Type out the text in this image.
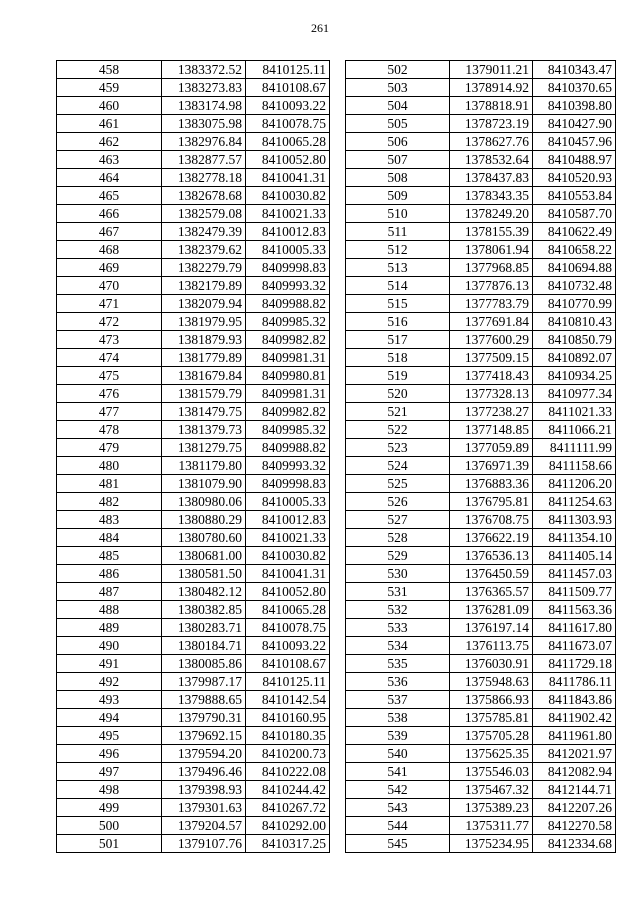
261
458	1383372.52	8410125.11
459	1383273.83	8410108.67
460	1383174.98	8410093.22
461	1383075.98	8410078.75
462	1382976.84	8410065.28
463	1382877.57	8410052.80
464	1382778.18	8410041.31
465	1382678.68	8410030.82
466	1382579.08	8410021.33
467	1382479.39	8410012.83
468	1382379.62	8410005.33
469	1382279.79	8409998.83
470	1382179.89	8409993.32
471	1382079.94	8409988.82
472	1381979.95	8409985.32
473	1381879.93	8409982.82
474	1381779.89	8409981.31
475	1381679.84	8409980.81
476	1381579.79	8409981.31
477	1381479.75	8409982.82
478	1381379.73	8409985.32
479	1381279.75	8409988.82
480	1381179.80	8409993.32
481	1381079.90	8409998.83
482	1380980.06	8410005.33
483	1380880.29	8410012.83
484	1380780.60	8410021.33
485	1380681.00	8410030.82
486	1380581.50	8410041.31
487	1380482.12	8410052.80
488	1380382.85	8410065.28
489	1380283.71	8410078.75
490	1380184.71	8410093.22
491	1380085.86	8410108.67
492	1379987.17	8410125.11
493	1379888.65	8410142.54
494	1379790.31	8410160.95
495	1379692.15	8410180.35
496	1379594.20	8410200.73
497	1379496.46	8410222.08
498	1379398.93	8410244.42
499	1379301.63	8410267.72
500	1379204.57	8410292.00
501	1379107.76	8410317.25
502	1379011.21	8410343.47
503	1378914.92	8410370.65
504	1378818.91	8410398.80
505	1378723.19	8410427.90
506	1378627.76	8410457.96
507	1378532.64	8410488.97
508	1378437.83	8410520.93
509	1378343.35	8410553.84
510	1378249.20	8410587.70
511	1378155.39	8410622.49
512	1378061.94	8410658.22
513	1377968.85	8410694.88
514	1377876.13	8410732.48
515	1377783.79	8410770.99
516	1377691.84	8410810.43
517	1377600.29	8410850.79
518	1377509.15	8410892.07
519	1377418.43	8410934.25
520	1377328.13	8410977.34
521	1377238.27	8411021.33
522	1377148.85	8411066.21
523	1377059.89	8411111.99
524	1376971.39	8411158.66
525	1376883.36	8411206.20
526	1376795.81	8411254.63
527	1376708.75	8411303.93
528	1376622.19	8411354.10
529	1376536.13	8411405.14
530	1376450.59	8411457.03
531	1376365.57	8411509.77
532	1376281.09	8411563.36
533	1376197.14	8411617.80
534	1376113.75	8411673.07
535	1376030.91	8411729.18
536	1375948.63	8411786.11
537	1375866.93	8411843.86
538	1375785.81	8411902.42
539	1375705.28	8411961.80
540	1375625.35	8412021.97
541	1375546.03	8412082.94
542	1375467.32	8412144.71
543	1375389.23	8412207.26
544	1375311.77	8412270.58
545	1375234.95	8412334.68
